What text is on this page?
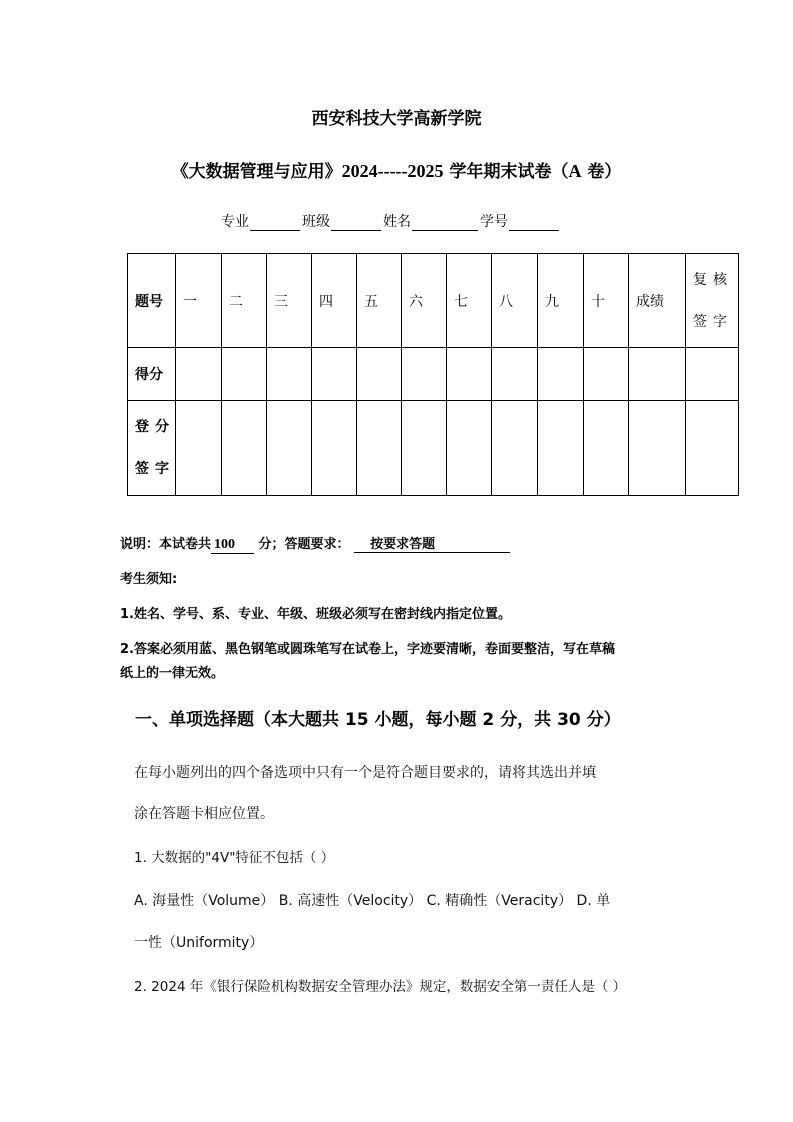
西安科技大学高新学院
《大数据管理与应用》2024-----2025 学年期末试卷（A 卷）
专业	班级	姓名	学号
题号	一	二	三	四	五	六	七	八	九	十	成绩	复核
签字

得分												

登分
签字												

说明：本试卷共 100 分；答题要求： 按要求答题
考生须知:
1.姓名、学号、系、专业、年级、班级必须写在密封线内指定位置。
2.答案必须用蓝、黑色钢笔或圆珠笔写在试卷上，字迹要清晰，卷面要整洁，写在草稿
纸上的一律无效。
一、单项选择题（本大题共 15 小题，每小题 2 分，共 30 分）
在每小题列出的四个备选项中只有一个是符合题目要求的，请将其选出并填
涂在答题卡相应位置。
1. 大数据的"4V"特征不包括（ ）
A. 海量性（Volume） B. 高速性（Velocity） C. 精确性（Veracity） D. 单
一性（Uniformity）
2. 2024 年《银行保险机构数据安全管理办法》规定，数据安全第一责任人是（ ）
